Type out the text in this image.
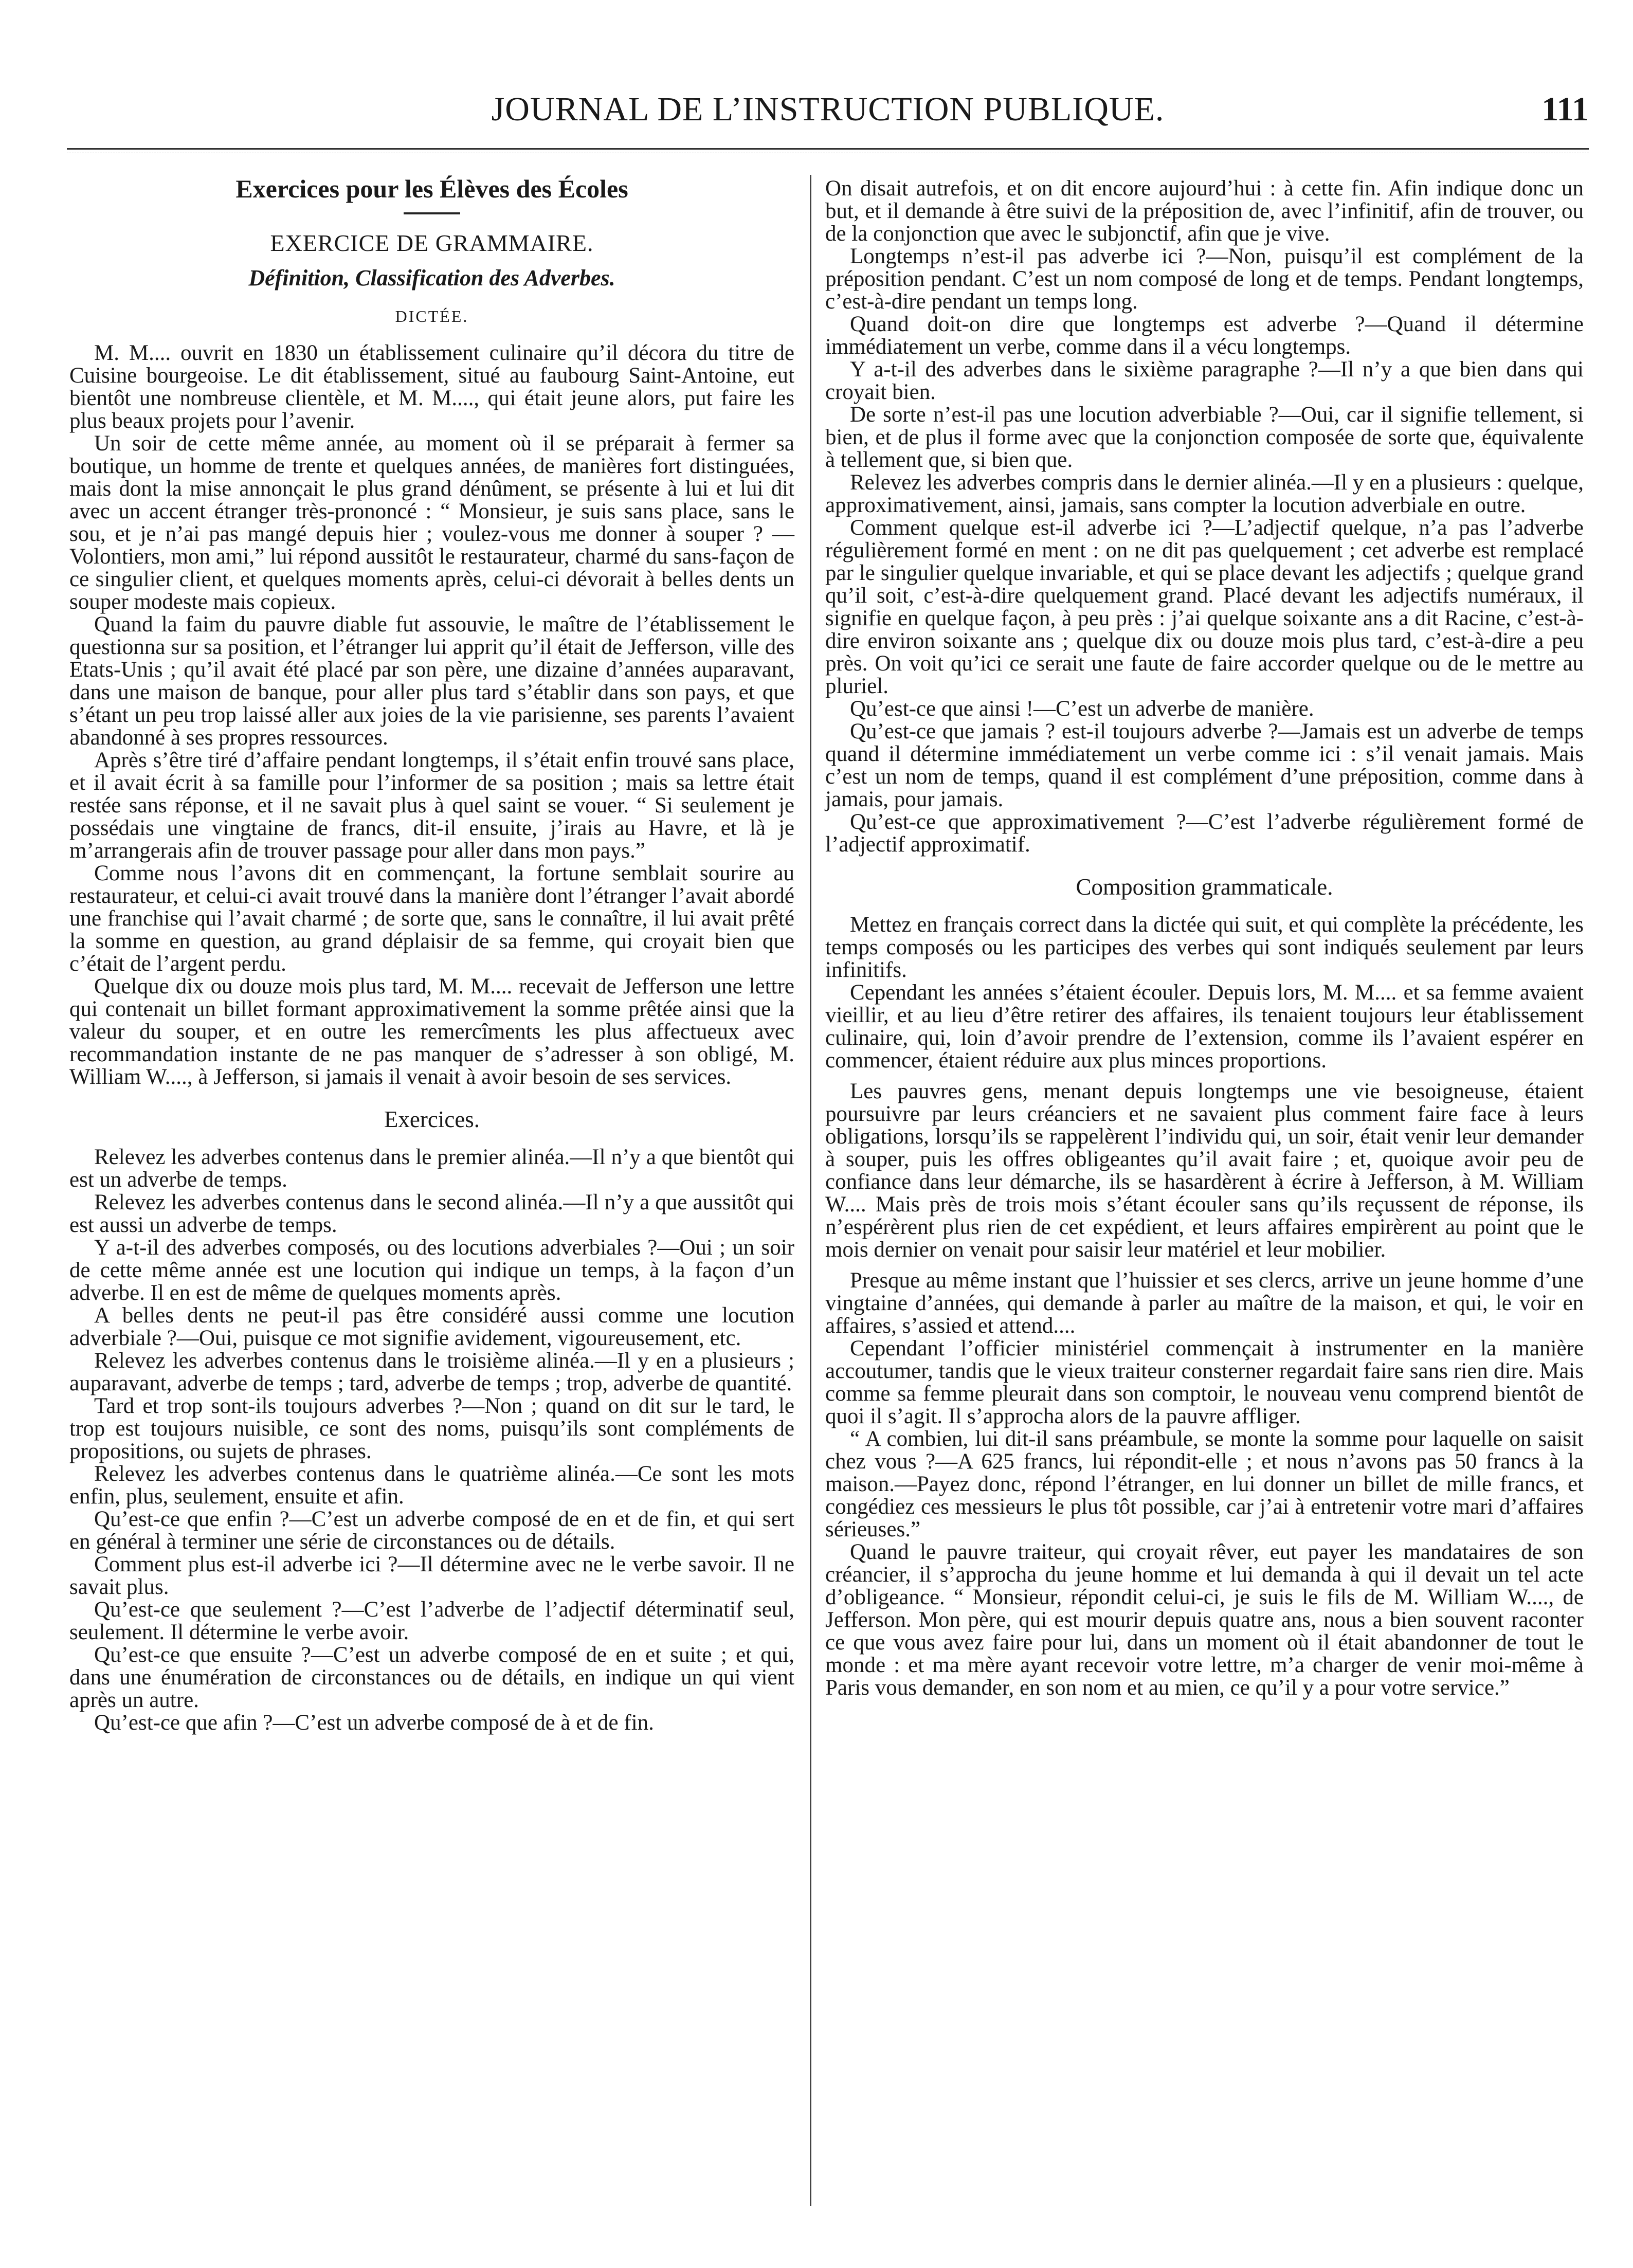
JOURNAL DE L’INSTRUCTION PUBLIQUE.	111
Exercices pour les Élèves des Écoles
EXERCICE DE GRAMMAIRE.
Définition, Classification des Adverbes.
DICTÉE.

M. M.... ouvrit en 1830 un établissement culinaire qu’il décora du titre de Cuisine bourgeoise. Le dit établissement, situé au faubourg Saint-Antoine, eut bientôt une nombreuse clientèle, et M. M...., qui était jeune alors, put faire les plus beaux projets pour l’avenir.

Un soir de cette même année, au moment où il se préparait à fermer sa boutique, un homme de trente et quelques années, de manières fort distinguées, mais dont la mise annonçait le plus grand dénûment, se présente à lui et lui dit avec un accent étranger très-prononcé : “ Monsieur, je suis sans place, sans le sou, et je n’ai pas mangé depuis hier ; voulez-vous me donner à souper ? —Volontiers, mon ami,” lui répond aussitôt le restaurateur, charmé du sans-façon de ce singulier client, et quelques moments après, celui-ci dévorait à belles dents un souper modeste mais copieux.

Quand la faim du pauvre diable fut assouvie, le maître de l’établissement le questionna sur sa position, et l’étranger lui apprit qu’il était de Jefferson, ville des Etats-Unis ; qu’il avait été placé par son père, une dizaine d’années auparavant, dans une maison de banque, pour aller plus tard s’établir dans son pays, et que s’étant un peu trop laissé aller aux joies de la vie parisienne, ses parents l’avaient abandonné à ses propres ressources.

Après s’être tiré d’affaire pendant longtemps, il s’était enfin trouvé sans place, et il avait écrit à sa famille pour l’informer de sa position ; mais sa lettre était restée sans réponse, et il ne savait plus à quel saint se vouer. “ Si seulement je possédais une vingtaine de francs, dit-il ensuite, j’irais au Havre, et là je m’arrangerais afin de trouver passage pour aller dans mon pays.”

Comme nous l’avons dit en commençant, la fortune semblait sourire au restaurateur, et celui-ci avait trouvé dans la manière dont l’étranger l’avait abordé une franchise qui l’avait charmé ; de sorte que, sans le connaître, il lui avait prêté la somme en question, au grand déplaisir de sa femme, qui croyait bien que c’était de l’argent perdu.

Quelque dix ou douze mois plus tard, M. M.... recevait de Jefferson une lettre qui contenait un billet formant approximativement la somme prêtée ainsi que la valeur du souper, et en outre les remercîments les plus affectueux avec recommandation instante de ne pas manquer de s’adresser à son obligé, M. William W...., à Jefferson, si jamais il venait à avoir besoin de ses services.

Exercices.

Relevez les adverbes contenus dans le premier alinéa.—Il n’y a que bientôt qui est un adverbe de temps.

Relevez les adverbes contenus dans le second alinéa.—Il n’y a que aussitôt qui est aussi un adverbe de temps.

Y a-t-il des adverbes composés, ou des locutions adverbiales ?—Oui ; un soir de cette même année est une locution qui indique un temps, à la façon d’un adverbe. Il en est de même de quelques moments après.

A belles dents ne peut-il pas être considéré aussi comme une locution adverbiale ?—Oui, puisque ce mot signifie avidement, vigoureusement, etc.

Relevez les adverbes contenus dans le troisième alinéa.—Il y en a plusieurs ; auparavant, adverbe de temps ; tard, adverbe de temps ; trop, adverbe de quantité.

Tard et trop sont-ils toujours adverbes ?—Non ; quand on dit sur le tard, le trop est toujours nuisible, ce sont des noms, puisqu’ils sont compléments de propositions, ou sujets de phrases.

Relevez les adverbes contenus dans le quatrième alinéa.—Ce sont les mots enfin, plus, seulement, ensuite et afin.

Qu’est-ce que enfin ?—C’est un adverbe composé de en et de fin, et qui sert en général à terminer une série de circonstances ou de détails.

Comment plus est-il adverbe ici ?—Il détermine avec ne le verbe savoir. Il ne savait plus.

Qu’est-ce que seulement ?—C’est l’adverbe de l’adjectif déterminatif seul, seulement. Il détermine le verbe avoir.

Qu’est-ce que ensuite ?—C’est un adverbe composé de en et suite ; et qui, dans une énumération de circonstances ou de détails, en indique un qui vient après un autre.

Qu’est-ce que afin ?—C’est un adverbe composé de à et de fin.

On disait autrefois, et on dit encore aujourd’hui : à cette fin. Afin indique donc un but, et il demande à être suivi de la préposition de, avec l’infinitif, afin de trouver, ou de la conjonction que avec le subjonctif, afin que je vive.

Longtemps n’est-il pas adverbe ici ?—Non, puisqu’il est complément de la préposition pendant. C’est un nom composé de long et de temps. Pendant longtemps, c’est-à-dire pendant un temps long.

Quand doit-on dire que longtemps est adverbe ?—Quand il détermine immédiatement un verbe, comme dans il a vécu longtemps.

Y a-t-il des adverbes dans le sixième paragraphe ?—Il n’y a que bien dans qui croyait bien.

De sorte n’est-il pas une locution adverbiable ?—Oui, car il signifie tellement, si bien, et de plus il forme avec que la conjonction composée de sorte que, équivalente à tellement que, si bien que.

Relevez les adverbes compris dans le dernier alinéa.—Il y en a plusieurs : quelque, approximativement, ainsi, jamais, sans compter la locution adverbiale en outre.

Comment quelque est-il adverbe ici ?—L’adjectif quelque, n’a pas l’adverbe régulièrement formé en ment : on ne dit pas quelquement ; cet adverbe est remplacé par le singulier quelque invariable, et qui se place devant les adjectifs ; quelque grand qu’il soit, c’est-à-dire quelquement grand. Placé devant les adjectifs numéraux, il signifie en quelque façon, à peu près : j’ai quelque soixante ans a dit Racine, c’est-à-dire environ soixante ans ; quelque dix ou douze mois plus tard, c’est-à-dire a peu près. On voit qu’ici ce serait une faute de faire accorder quelque ou de le mettre au pluriel.

Qu’est-ce que ainsi !—C’est un adverbe de manière.

Qu’est-ce que jamais ? est-il toujours adverbe ?—Jamais est un adverbe de temps quand il détermine immédiatement un verbe comme ici : s’il venait jamais. Mais c’est un nom de temps, quand il est complément d’une préposition, comme dans à jamais, pour jamais.

Qu’est-ce que approximativement ?—C’est l’adverbe régulièrement formé de l’adjectif approximatif.

Composition grammaticale.

Mettez en français correct dans la dictée qui suit, et qui complète la précédente, les temps composés ou les participes des verbes qui sont indiqués seulement par leurs infinitifs.

Cependant les années s’étaient écouler. Depuis lors, M. M.... et sa femme avaient vieillir, et au lieu d’être retirer des affaires, ils tenaient toujours leur établissement culinaire, qui, loin d’avoir prendre de l’extension, comme ils l’avaient espérer en commencer, étaient réduire aux plus minces proportions.

Les pauvres gens, menant depuis longtemps une vie besoigneuse, étaient poursuivre par leurs créanciers et ne savaient plus comment faire face à leurs obligations, lorsqu’ils se rappelèrent l’individu qui, un soir, était venir leur demander à souper, puis les offres obligeantes qu’il avait faire ; et, quoique avoir peu de confiance dans leur démarche, ils se hasardèrent à écrire à Jefferson, à M. William W.... Mais près de trois mois s’étant écouler sans qu’ils reçussent de réponse, ils n’espérèrent plus rien de cet expédient, et leurs affaires empirèrent au point que le mois dernier on venait pour saisir leur matériel et leur mobilier.

Presque au même instant que l’huissier et ses clercs, arrive un jeune homme d’une vingtaine d’années, qui demande à parler au maître de la maison, et qui, le voir en affaires, s’assied et attend....

Cependant l’officier ministériel commençait à instrumenter en la manière accoutumer, tandis que le vieux traiteur consterner regardait faire sans rien dire. Mais comme sa femme pleurait dans son comptoir, le nouveau venu comprend bientôt de quoi il s’agit. Il s’approcha alors de la pauvre affliger.

“ A combien, lui dit-il sans préambule, se monte la somme pour laquelle on saisit chez vous ?—A 625 francs, lui répondit-elle ; et nous n’avons pas 50 francs à la maison.—Payez donc, répond l’étranger, en lui donner un billet de mille francs, et congédiez ces messieurs le plus tôt possible, car j’ai à entretenir votre mari d’affaires sérieuses.”

Quand le pauvre traiteur, qui croyait rêver, eut payer les mandataires de son créancier, il s’approcha du jeune homme et lui demanda à qui il devait un tel acte d’obligeance. “ Monsieur, répondit celui-ci, je suis le fils de M. William W...., de Jefferson. Mon père, qui est mourir depuis quatre ans, nous a bien souvent raconter ce que vous avez faire pour lui, dans un moment où il était abandonner de tout le monde : et ma mère ayant recevoir votre lettre, m’a charger de venir moi-même à Paris vous demander, en son nom et au mien, ce qu’il y a pour votre service.”
